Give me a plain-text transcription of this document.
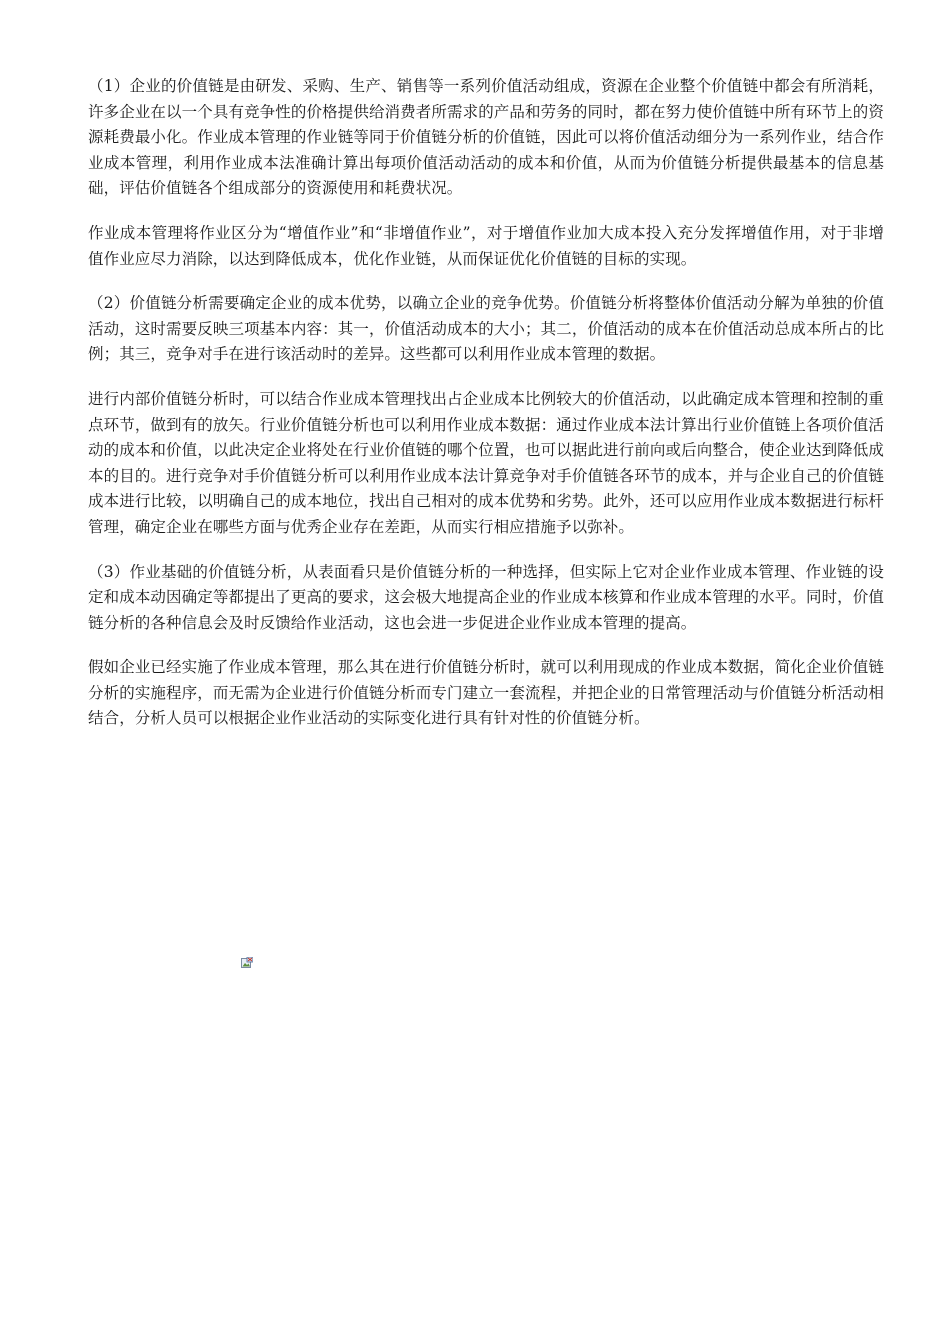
（1）企业的价值链是由研发、采购、生产、销售等一系列价值活动组成，资源在企业整个价值链中都会有所消耗，许多企业在以一个具有竞争性的价格提供给消费者所需求的产品和劳务的同时，都在努力使价值链中所有环节上的资源耗费最小化。作业成本管理的作业链等同于价值链分析的价值链，因此可以将价值活动细分为一系列作业，结合作业成本管理，利用作业成本法准确计算出每项价值活动活动的成本和价值，从而为价值链分析提供最基本的信息基础，评估价值链各个组成部分的资源使用和耗费状况。

作业成本管理将作业区分为“增值作业”和“非增值作业”，对于增值作业加大成本投入充分发挥增值作用，对于非增值作业应尽力消除，以达到降低成本，优化作业链，从而保证优化价值链的目标的实现。

（2）价值链分析需要确定企业的成本优势，以确立企业的竞争优势。价值链分析将整体价值活动分解为单独的价值活动，这时需要反映三项基本内容：其一，价值活动成本的大小；其二，价值活动的成本在价值活动总成本所占的比例；其三，竞争对手在进行该活动时的差异。这些都可以利用作业成本管理的数据。

进行内部价值链分析时，可以结合作业成本管理找出占企业成本比例较大的价值活动，以此确定成本管理和控制的重点环节，做到有的放矢。行业价值链分析也可以利用作业成本数据：通过作业成本法计算出行业价值链上各项价值活动的成本和价值，以此决定企业将处在行业价值链的哪个位置，也可以据此进行前向或后向整合，使企业达到降低成本的目的。进行竞争对手价值链分析可以利用作业成本法计算竞争对手价值链各环节的成本，并与企业自己的价值链成本进行比较，以明确自己的成本地位，找出自己相对的成本优势和劣势。此外，还可以应用作业成本数据进行标杆管理，确定企业在哪些方面与优秀企业存在差距，从而实行相应措施予以弥补。

（3）作业基础的价值链分析，从表面看只是价值链分析的一种选择，但实际上它对企业作业成本管理、作业链的设定和成本动因确定等都提出了更高的要求，这会极大地提高企业的作业成本核算和作业成本管理的水平。同时，价值链分析的各种信息会及时反馈给作业活动，这也会进一步促进企业作业成本管理的提高。

假如企业已经实施了作业成本管理，那么其在进行价值链分析时，就可以利用现成的作业成本数据，简化企业价值链分析的实施程序，而无需为企业进行价值链分析而专门建立一套流程，并把企业的日常管理活动与价值链分析活动相结合，分析人员可以根据企业作业活动的实际变化进行具有针对性的价值链分析。
